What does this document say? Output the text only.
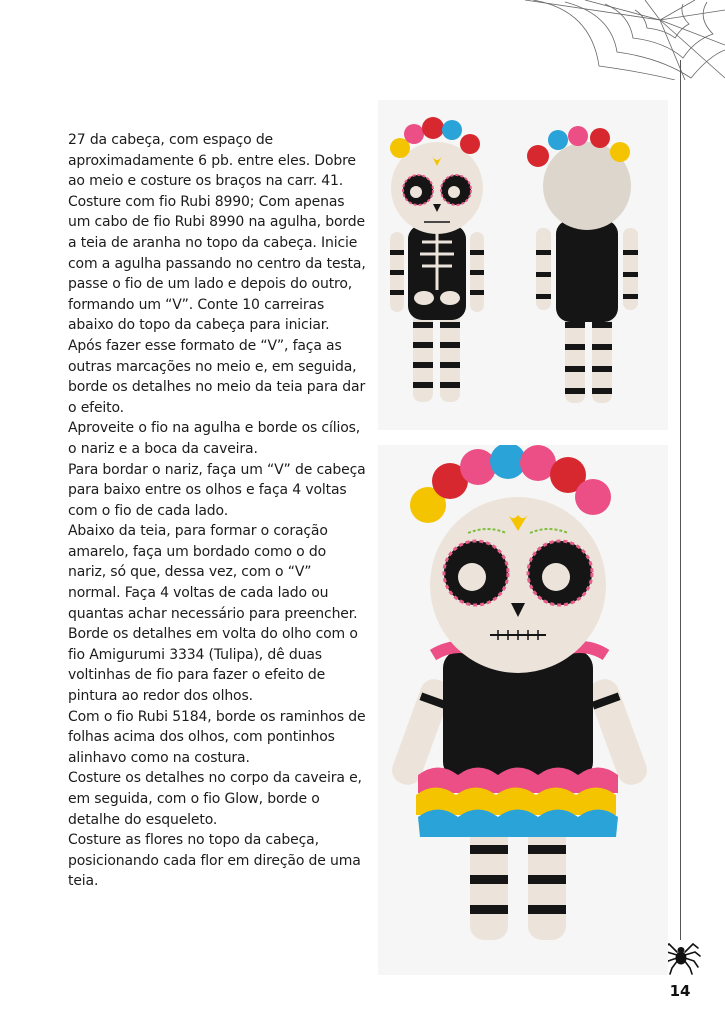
14

27 da cabeça, com espaço de aproximadamente 6 pb. entre eles. Dobre ao meio e costure os braços na carr. 41. Costure com fio Rubi 8990; Com apenas um cabo de fio Rubi 8990 na agulha, borde a teia de aranha no topo da cabeça. Inicie com a agulha passando no centro da testa, passe o fio de um lado e depois do outro, formando um “V”. Conte 10 carreiras abaixo do topo da cabeça para iniciar.

Após fazer esse formato de “V”, faça as outras marcações no meio e, em seguida, borde os detalhes no meio da teia para dar o efeito.

Aproveite o fio na agulha e borde os cílios, o nariz e a boca da caveira.

Para bordar o nariz, faça um “V” de cabeça para baixo entre os olhos e faça 4 voltas com o fio de cada lado.

Abaixo da teia, para formar o coração amarelo, faça um bordado como o do nariz, só que, dessa vez, com o “V” normal. Faça 4 voltas de cada lado ou quantas achar necessário para preencher.

Borde os detalhes em volta do olho com o fio Amigurumi 3334 (Tulipa), dê duas voltinhas de fio para fazer o efeito de pintura ao redor dos olhos.

Com o fio Rubi 5184, borde os raminhos de folhas acima dos olhos, com pontinhos alinhavo como na costura.

Costure os detalhes no corpo da caveira e, em seguida, com o fio Glow, borde o detalhe do esqueleto.

Costure as flores no topo da cabeça, posicionando cada flor em direção de uma teia.
